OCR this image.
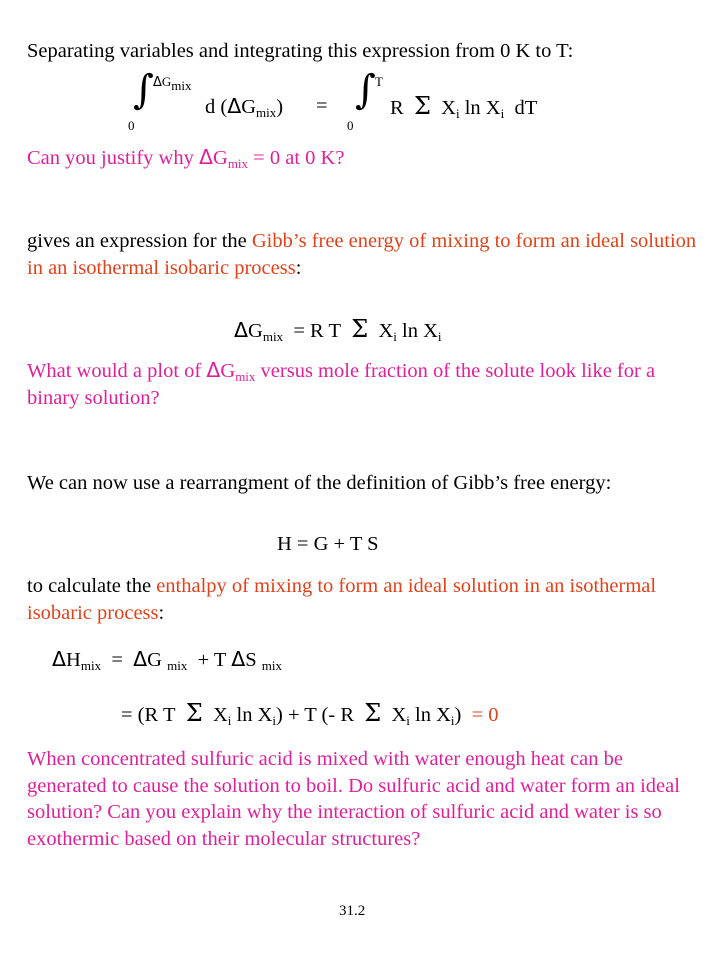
Separating variables and integrating this expression from 0 K to T:
∫ $\Delta G_{mix}$
0
d $(\Delta G_{mix})$ = ∫ T
0
R Σ $X_i$ $\ln X_i$ dT
Can you justify why $\Delta G_{mix} = 0$ at 0 K?
gives an expression for the Gibb’s free energy of mixing to form an ideal solution in an isothermal isobaric process:
$\Delta G_{mix} = R$ T Σ $X_i$ $\ln X_i$
What would a plot of $\Delta G_{mix}$ versus mole fraction of the solute look like for a binary solution?
We can now use a rearrangment of the definition of Gibb’s free energy:
H = G + T S
to calculate the enthalpy of mixing to form an ideal solution in an isothermal isobaric process:
$\Delta H_{mix} = \Delta G$ $_{mix}$ + T ΔS $_{mix}$
= (R T Σ $X_i$ $\ln X_i) + T$ (- R Σ $X_i$ $\ln X_i) = 0$
When concentrated sulfuric acid is mixed with water enough heat can be generated to cause the solution to boil. Do sulfuric acid and water form an ideal solution? Can you explain why the interaction of sulfuric acid and water is so exothermic based on their molecular structures?
31.2
